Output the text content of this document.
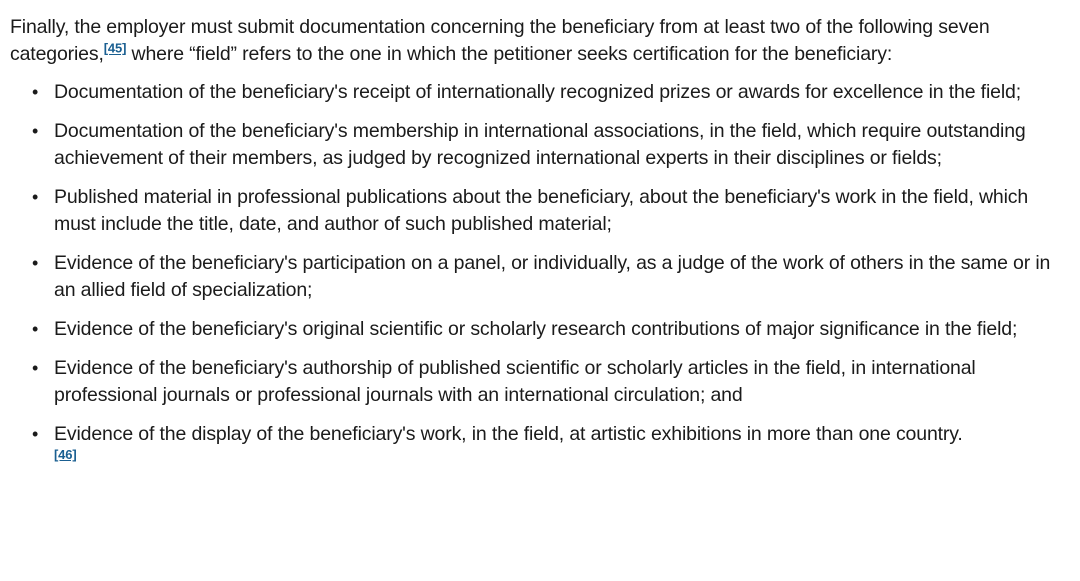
Finally, the employer must submit documentation concerning the beneficiary from at least two of the following seven categories,[45] where “field” refers to the one in which the petitioner seeks certification for the beneficiary:

• Documentation of the beneficiary's receipt of internationally recognized prizes or awards for excellence in the field;
• Documentation of the beneficiary's membership in international associations, in the field, which require outstanding achievement of their members, as judged by recognized international experts in their disciplines or fields;
• Published material in professional publications about the beneficiary, about the beneficiary's work in the field, which must include the title, date, and author of such published material;
• Evidence of the beneficiary's participation on a panel, or individually, as a judge of the work of others in the same or in an allied field of specialization;
• Evidence of the beneficiary's original scientific or scholarly research contributions of major significance in the field;
• Evidence of the beneficiary's authorship of published scientific or scholarly articles in the field, in international professional journals or professional journals with an international circulation; and
• Evidence of the display of the beneficiary's work, in the field, at artistic exhibitions in more than one country.
[46]
